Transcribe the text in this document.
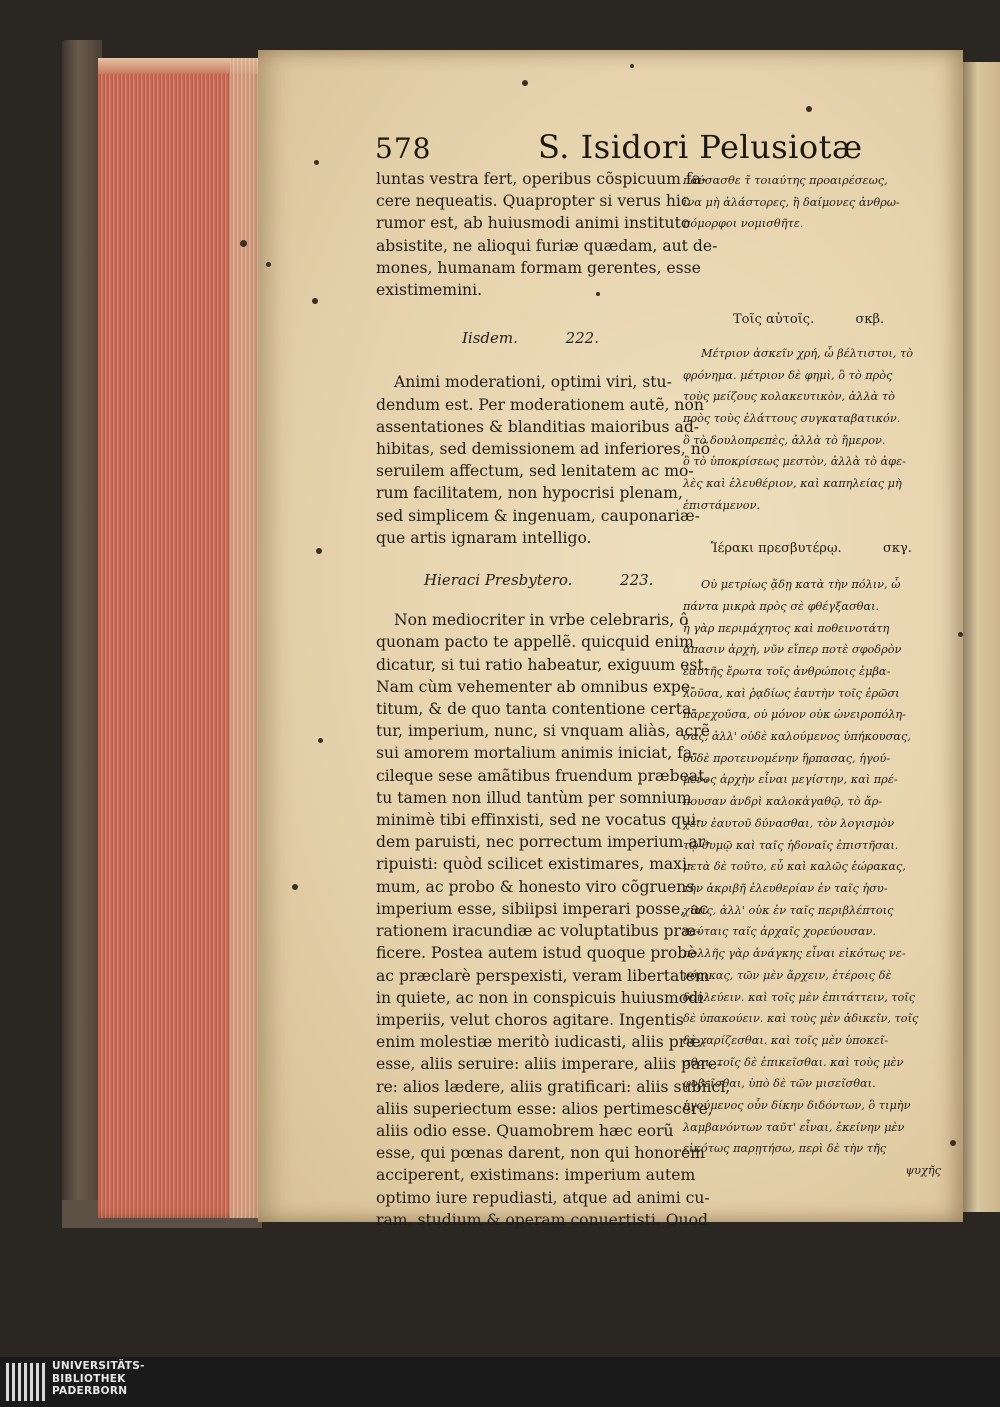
578	S. Isidori Pelusiotæ

luntas vestra fert, operibus cõspicuum fa-
cere nequeatis. Quapropter si verus hic
rumor est, ab huiusmodi animi instituto
absistite, ne alioqui furiæ quædam, aut de-
mones, humanam formam gerentes, esse
existimemini.

Iisdem.          222.

Animi moderationi, optimi viri, stu-
dendum est. Per moderationem autẽ, non
assentationes & blanditias maioribus ad-
hibitas, sed demissionem ad inferiores, nõ
seruilem affectum, sed lenitatem ac mo-
rum facilitatem, non hypocrisi plenam,
sed simplicem & ingenuam, cauponariæ-
que artis ignaram intelligo.

Hieraci Presbytero.          223.

Non mediocriter in vrbe celebraris, ô
quonam pacto te appellẽ. quicquid enim
dicatur, si tui ratio habeatur, exiguum est.
Nam cùm vehementer ab omnibus expe-
titum, & de quo tanta contentione certa-
tur, imperium, nunc, si vnquam aliàs, acrẽ
sui amorem mortalium animis iniciat, fa-
cileque sese amãtibus fruendum præbeat,
tu tamen non illud tantùm per somnium
minimè tibi effinxisti, sed ne vocatus qui-
dem paruisti, nec porrectum imperium ar-
ripuisti: quòd scilicet existimares, maxi-
mum, ac probo & honesto viro cõgruens
imperium esse, sibiipsi imperari posse, ac
rationem iracundiæ ac voluptatibus præ-
ficere. Postea autem istud quoque probè
ac præclarè perspexisti, veram libertatem
in quiete, ac non in conspicuis huiusmodi
imperiis, velut choros agitare. Ingentis
enim molestiæ meritò iudicasti, aliis præ-
esse, aliis seruire: aliis imperare, aliis pare-
re: alios lædere, aliis gratificari: aliis subiici,
aliis superiectum esse: alios pertimescere,
aliis odio esse. Quamobrem hæc eorũ
esse, qui pœnas darent, non qui honorem
acciperent, existimans: imperium autem
optimo iure repudiasti, atque ad animi cu-
ram, studium & operam conuertisti. Quod

παύσασθε τ̃ τοιαύτης προαιρέσεως,
ἵνα μὴ ἀλάστορες, ἢ δαίμονες ἀνθρω-
πόμορφοι νομισθῆτε.

Τοῖς αὐτοῖς.          σκβ.

Μέτριον ἀσκεῖν χρή, ὦ βέλτιστοι, τὸ
φρόνημα. μέτριον δὲ φημὶ, ὃ τὸ πρὸς
τοὺς μείζους κολακευτικὸν, ἀλλὰ τὸ
πρὸς τοὺς ἐλάττους συγκαταβατικόν.
ὃ τὸ δουλοπρεπὲς, ἀλλὰ τὸ ἥμερον.
ὃ τὸ ὑποκρίσεως μεστὸν, ἀλλὰ τὸ ἀφε-
λὲς καὶ ἐλευθέριον, καὶ καπηλείας μὴ
ἐπιστάμενον.

Ἱέρακι πρεσβυτέρῳ.          σκγ.

Οὐ μετρίως ᾄδῃ κατὰ τὴν πόλιν, ὦ
πάντα μικρὰ πρὸς σὲ φθέγξασθαι.
ἡ γὰρ περιμάχητος καὶ ποθεινοτάτη
ἅπασιν ἀρχὴ, νῦν εἴπερ ποτὲ σφοδρὸν
ἑαυτῆς ἔρωτα τοῖς ἀνθρώποις ἐμβα-
λοῦσα, καὶ ῥᾳδίως ἑαυτὴν τοῖς ἐρῶσι
παρεχοῦσα, οὐ μόνον οὐκ ὠνειροπόλη-
σας, ἀλλ' οὐδὲ καλούμενος ὑπήκουσας,
οὐδὲ προτεινομένην ἥρπασας, ἡγού-
μενος ἀρχὴν εἶναι μεγίστην, καὶ πρέ-
πουσαν ἀνδρὶ καλοκἀγαθῷ, τὸ ἄρ-
χειν ἑαυτοῦ δύνασθαι, τὸν λογισμὸν
τῷ θυμῷ καὶ ταῖς ἡδοναῖς ἐπιστῆσαι.
μετὰ δὲ τοῦτο, εὖ καὶ καλῶς ἑώρακας,
τὴν ἀκριβῆ ἐλευθερίαν ἐν ταῖς ἡσυ-
χίαις, ἀλλ' οὐκ ἐν ταῖς περιβλέπτοις
ταύταις ταῖς ἀρχαῖς χορεύουσαν.
πολλῆς γὰρ ἀνάγκης εἶναι εἰκότως νε-
νόμικας, τῶν μὲν ἄρχειν, ἑτέροις δὲ
δουλεύειν. καὶ τοῖς μὲν ἐπιτάττειν, τοῖς
δὲ ὑπακούειν. καὶ τοὺς μὲν ἀδικεῖν, τοῖς
δὲ χαρίζεσθαι. καὶ τοῖς μὲν ὑποκεῖ-
σθαι, τοῖς δὲ ἐπικεῖσθαι. καὶ τοὺς μὲν
φοβεῖσθαι, ὑπὸ δὲ τῶν μισεῖσθαι.
ἡγούμενος οὖν δίκην διδόντων, ὃ τιμὴν
λαμβανόντων ταῦτ' εἶναι, ἐκείνην μὲν
εἰκότως παρῃτήσω, περὶ δὲ τὴν τῆς

ψυχῆς

UNIVERSITÄTS-
BIBLIOTHEK
PADERBORN
